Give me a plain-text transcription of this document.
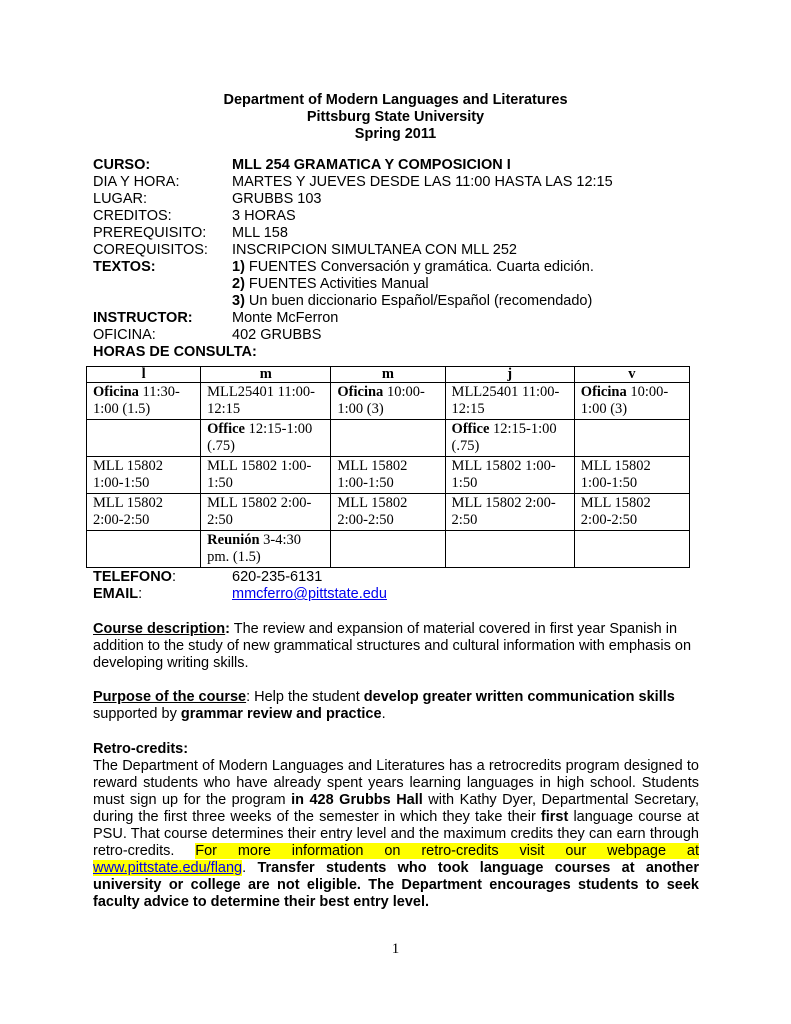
Department of Modern Languages and Literatures
Pittsburg State University
Spring 2011
CURSO:	MLL 254 GRAMATICA Y COMPOSICION I
DIA Y HORA:	MARTES Y JUEVES DESDE LAS 11:00 HASTA LAS 12:15
LUGAR:	GRUBBS 103
CREDITOS:	3 HORAS
PREREQUISITO:	MLL 158
COREQUISITOS:	INSCRIPCION SIMULTANEA CON MLL 252
TEXTOS:	1) FUENTES Conversación y gramática. Cuarta edición.
2) FUENTES Activities Manual
3) Un buen diccionario Español/Español (recomendado)
INSTRUCTOR:	Monte McFerron
OFICINA:	402 GRUBBS
HORAS DE CONSULTA:
l	m	m	j	v
Oficina 11:30-1:00 (1.5)	MLL25401 11:00-12:15	Oficina 10:00-1:00 (3)	MLL25401 11:00-12:15	Oficina 10:00-1:00 (3)
	Office 12:15-1:00 (.75)		Office 12:15-1:00 (.75)	
MLL 15802 1:00-1:50	MLL 15802 1:00-1:50	MLL 15802 1:00-1:50	MLL 15802 1:00-1:50	MLL 15802 1:00-1:50
MLL 15802 2:00-2:50	MLL 15802 2:00-2:50	MLL 15802 2:00-2:50	MLL 15802 2:00-2:50	MLL 15802 2:00-2:50
	Reunión 3-4:30 pm. (1.5)			
TELEFONO:	620-235-6131
EMAIL:	mmcferro@pittstate.edu
Course description: The review and expansion of material covered in first year Spanish in addition to the study of new grammatical structures and cultural information with emphasis on developing writing skills.
Purpose of the course: Help the student develop greater written communication skills supported by grammar review and practice.
Retro-credits:
The Department of Modern Languages and Literatures has a retrocredits program designed to reward students who have already spent years learning languages in high school. Students must sign up for the program in 428 Grubbs Hall with Kathy Dyer, Departmental Secretary, during the first three weeks of the semester in which they take their first language course at PSU. That course determines their entry level and the maximum credits they can earn through retro-credits. For more information on retro-credits visit our webpage at www.pittstate.edu/flang. Transfer students who took language courses at another university or college are not eligible. The Department encourages students to seek faculty advice to determine their best entry level.
1
